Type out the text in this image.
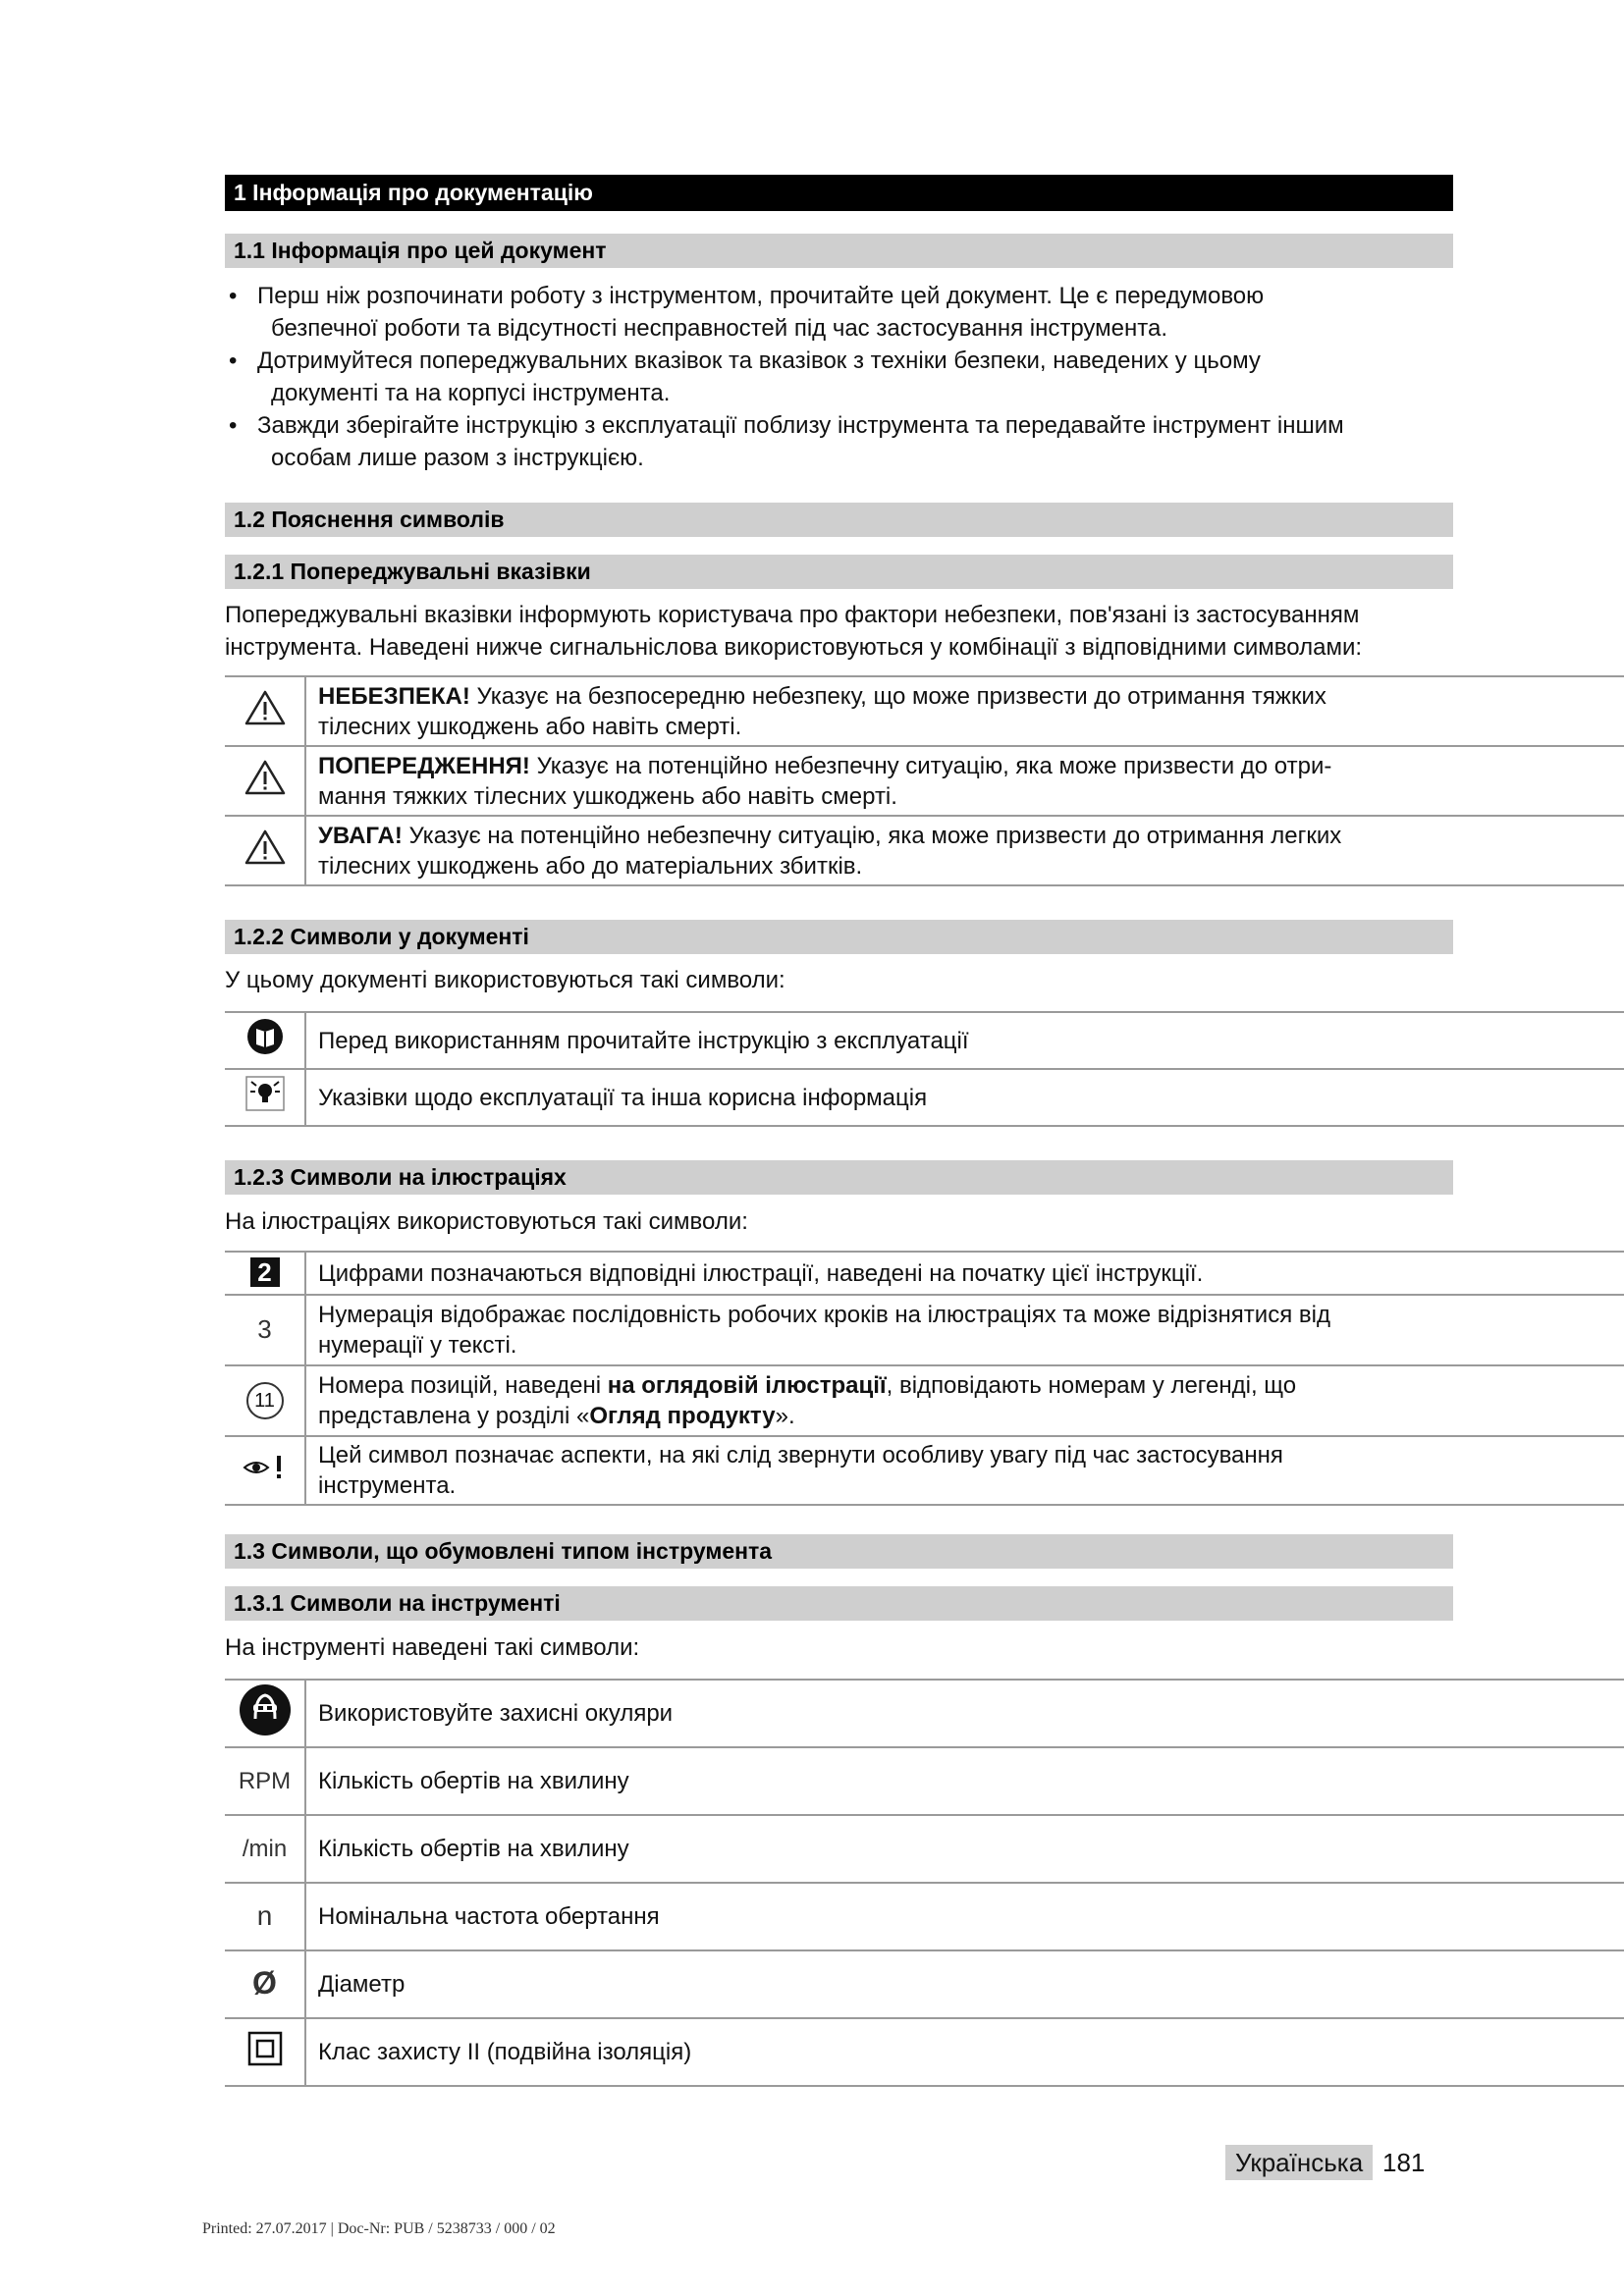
1 Інформація про документацію
1.1 Інформація про цей документ
• Перш ніж розпочинати роботу з інструментом, прочитайте цей документ. Це є передумовою
безпечної роботи та відсутності несправностей під час застосування інструмента.
• Дотримуйтеся попереджувальних вказівок та вказівок з техніки безпеки, наведених у цьому
документі та на корпусі інструмента.
• Завжди зберігайте інструкцію з експлуатації поблизу інструмента та передавайте інструмент іншим
особам лише разом з інструкцією.
1.2 Пояснення символів
1.2.1 Попереджувальні вказівки
Попереджувальні вказівки інформують користувача про фактори небезпеки, пов'язані із застосуванням
інструмента. Наведені нижче сигнальніслова використовуються у комбінації з відповідними символами:

НЕБЕЗПЕКА! Указує на безпосередню небезпеку, що може призвести до отримання тяжких
тілесних ушкоджень або навіть смерті.

ПОПЕРЕДЖЕННЯ! Указує на потенційно небезпечну ситуацію, яка може призвести до отри-
мання тяжких тілесних ушкоджень або навіть смерті.

УВАГА! Указує на потенційно небезпечну ситуацію, яка може призвести до отримання легких
тілесних ушкоджень або до матеріальних збитків.
1.2.2 Символи у документі
У цьому документі використовуються такі символи:

Перед використанням прочитайте інструкцію з експлуатації

Указівки щодо експлуатації та інша корисна інформація
1.2.3 Символи на ілюстраціях
На ілюстраціях використовуються такі символи:
2	Цифрами позначаються відповідні ілюстрації, наведені на початку цієї інструкції.

3	Нумерація відображає послідовність робочих кроків на ілюстраціях та може відрізнятися від
нумерації у тексті.

11	Номера позицій, наведені на оглядовій ілюстрації, відповідають номерам у легенді, що
представлена у розділі «Огляд продукту».

Цей символ позначає аспекти, на які слід звернути особливу увагу під час застосування
інструмента.
1.3 Символи, що обумовлені типом інструмента
1.3.1 Символи на інструменті
На інструменті наведені такі символи:

Використовуйте захисні окуляри

RPM	Кількість обертів на хвилину

/min	Кількість обертів на хвилину

n	Номінальна частота обертання

Ø	Діаметр

Клас захисту II (подвійна ізоляція)
Українська 181
Printed: 27.07.2017 | Doc-Nr: PUB / 5238733 / 000 / 02
